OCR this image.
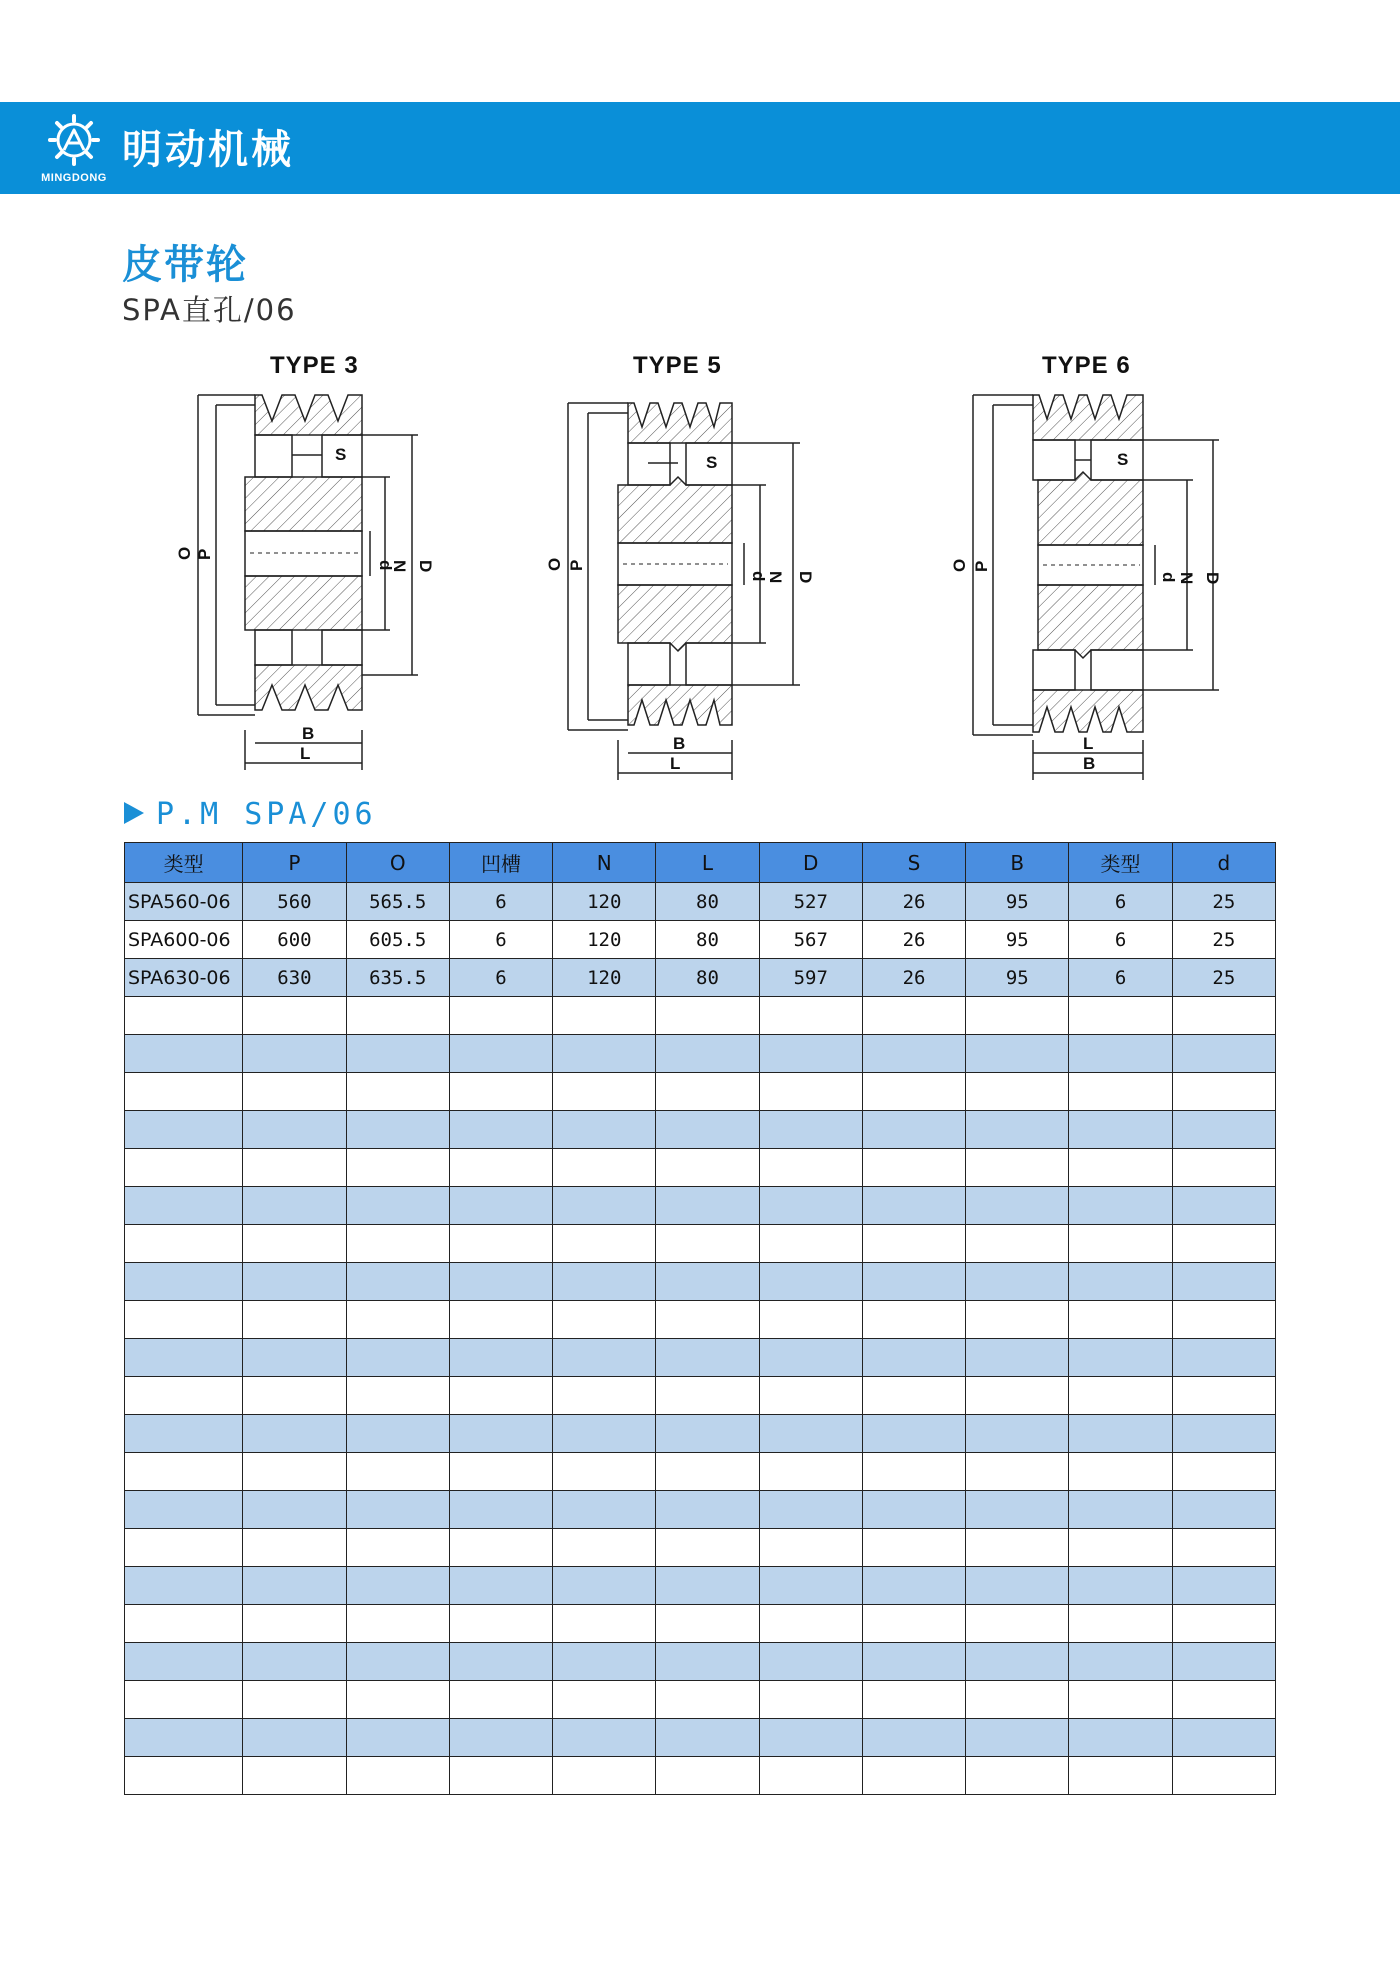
MINGDONG
明动机械
皮带轮
SPA直孔/06
TYPE 3	TYPE 5	TYPE 6
O P
d
N D
S
B
L
O P
d
N D
S
B
L
O P
d N D
S
L
B
P.M SPA/06
类型	P	O	凹槽	N	L	D	S	B	类型	d
SPA560-06	560	565.5	6	120	80	527	26	95	6	25
SPA600-06	600	605.5	6	120	80	567	26	95	6	25
SPA630-06	630	635.5	6	120	80	597	26	95	6	25
